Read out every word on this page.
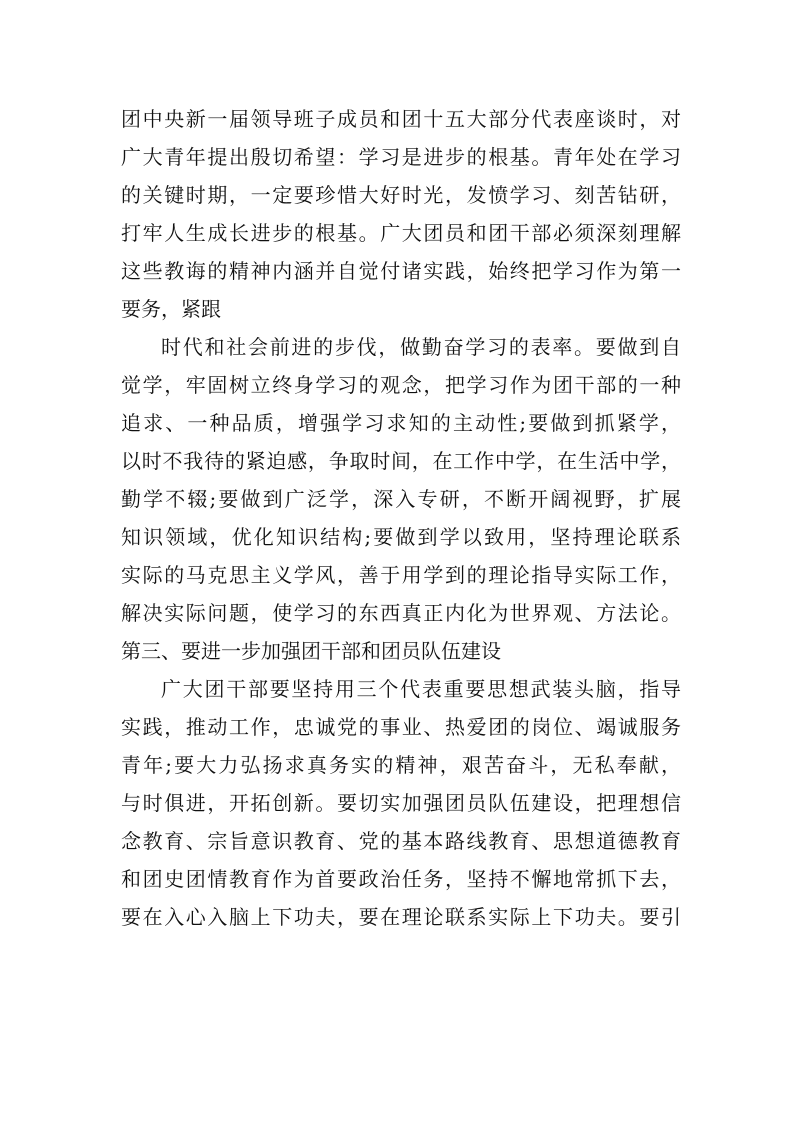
团中央新一届领导班子成员和团十五大部分代表座谈时，对
广大青年提出殷切希望：学习是进步的根基。青年处在学习
的关键时期，一定要珍惜大好时光，发愤学习、刻苦钻研，
打牢人生成长进步的根基。广大团员和团干部必须深刻理解
这些教诲的精神内涵并自觉付诸实践，始终把学习作为第一
要务，紧跟
时代和社会前进的步伐，做勤奋学习的表率。要做到自
觉学，牢固树立终身学习的观念，把学习作为团干部的一种
追求、一种品质，增强学习求知的主动性;要做到抓紧学，
以时不我待的紧迫感，争取时间，在工作中学，在生活中学，
勤学不辍;要做到广泛学，深入专研，不断开阔视野，扩展
知识领域，优化知识结构;要做到学以致用，坚持理论联系
实际的马克思主义学风，善于用学到的理论指导实际工作，
解决实际问题，使学习的东西真正内化为世界观、方法论。
第三、要进一步加强团干部和团员队伍建设
广大团干部要坚持用三个代表重要思想武装头脑，指导
实践，推动工作，忠诚党的事业、热爱团的岗位、竭诚服务
青年;要大力弘扬求真务实的精神，艰苦奋斗，无私奉献，
与时俱进，开拓创新。要切实加强团员队伍建设，把理想信
念教育、宗旨意识教育、党的基本路线教育、思想道德教育
和团史团情教育作为首要政治任务，坚持不懈地常抓下去，
要在入心入脑上下功夫，要在理论联系实际上下功夫。要引
